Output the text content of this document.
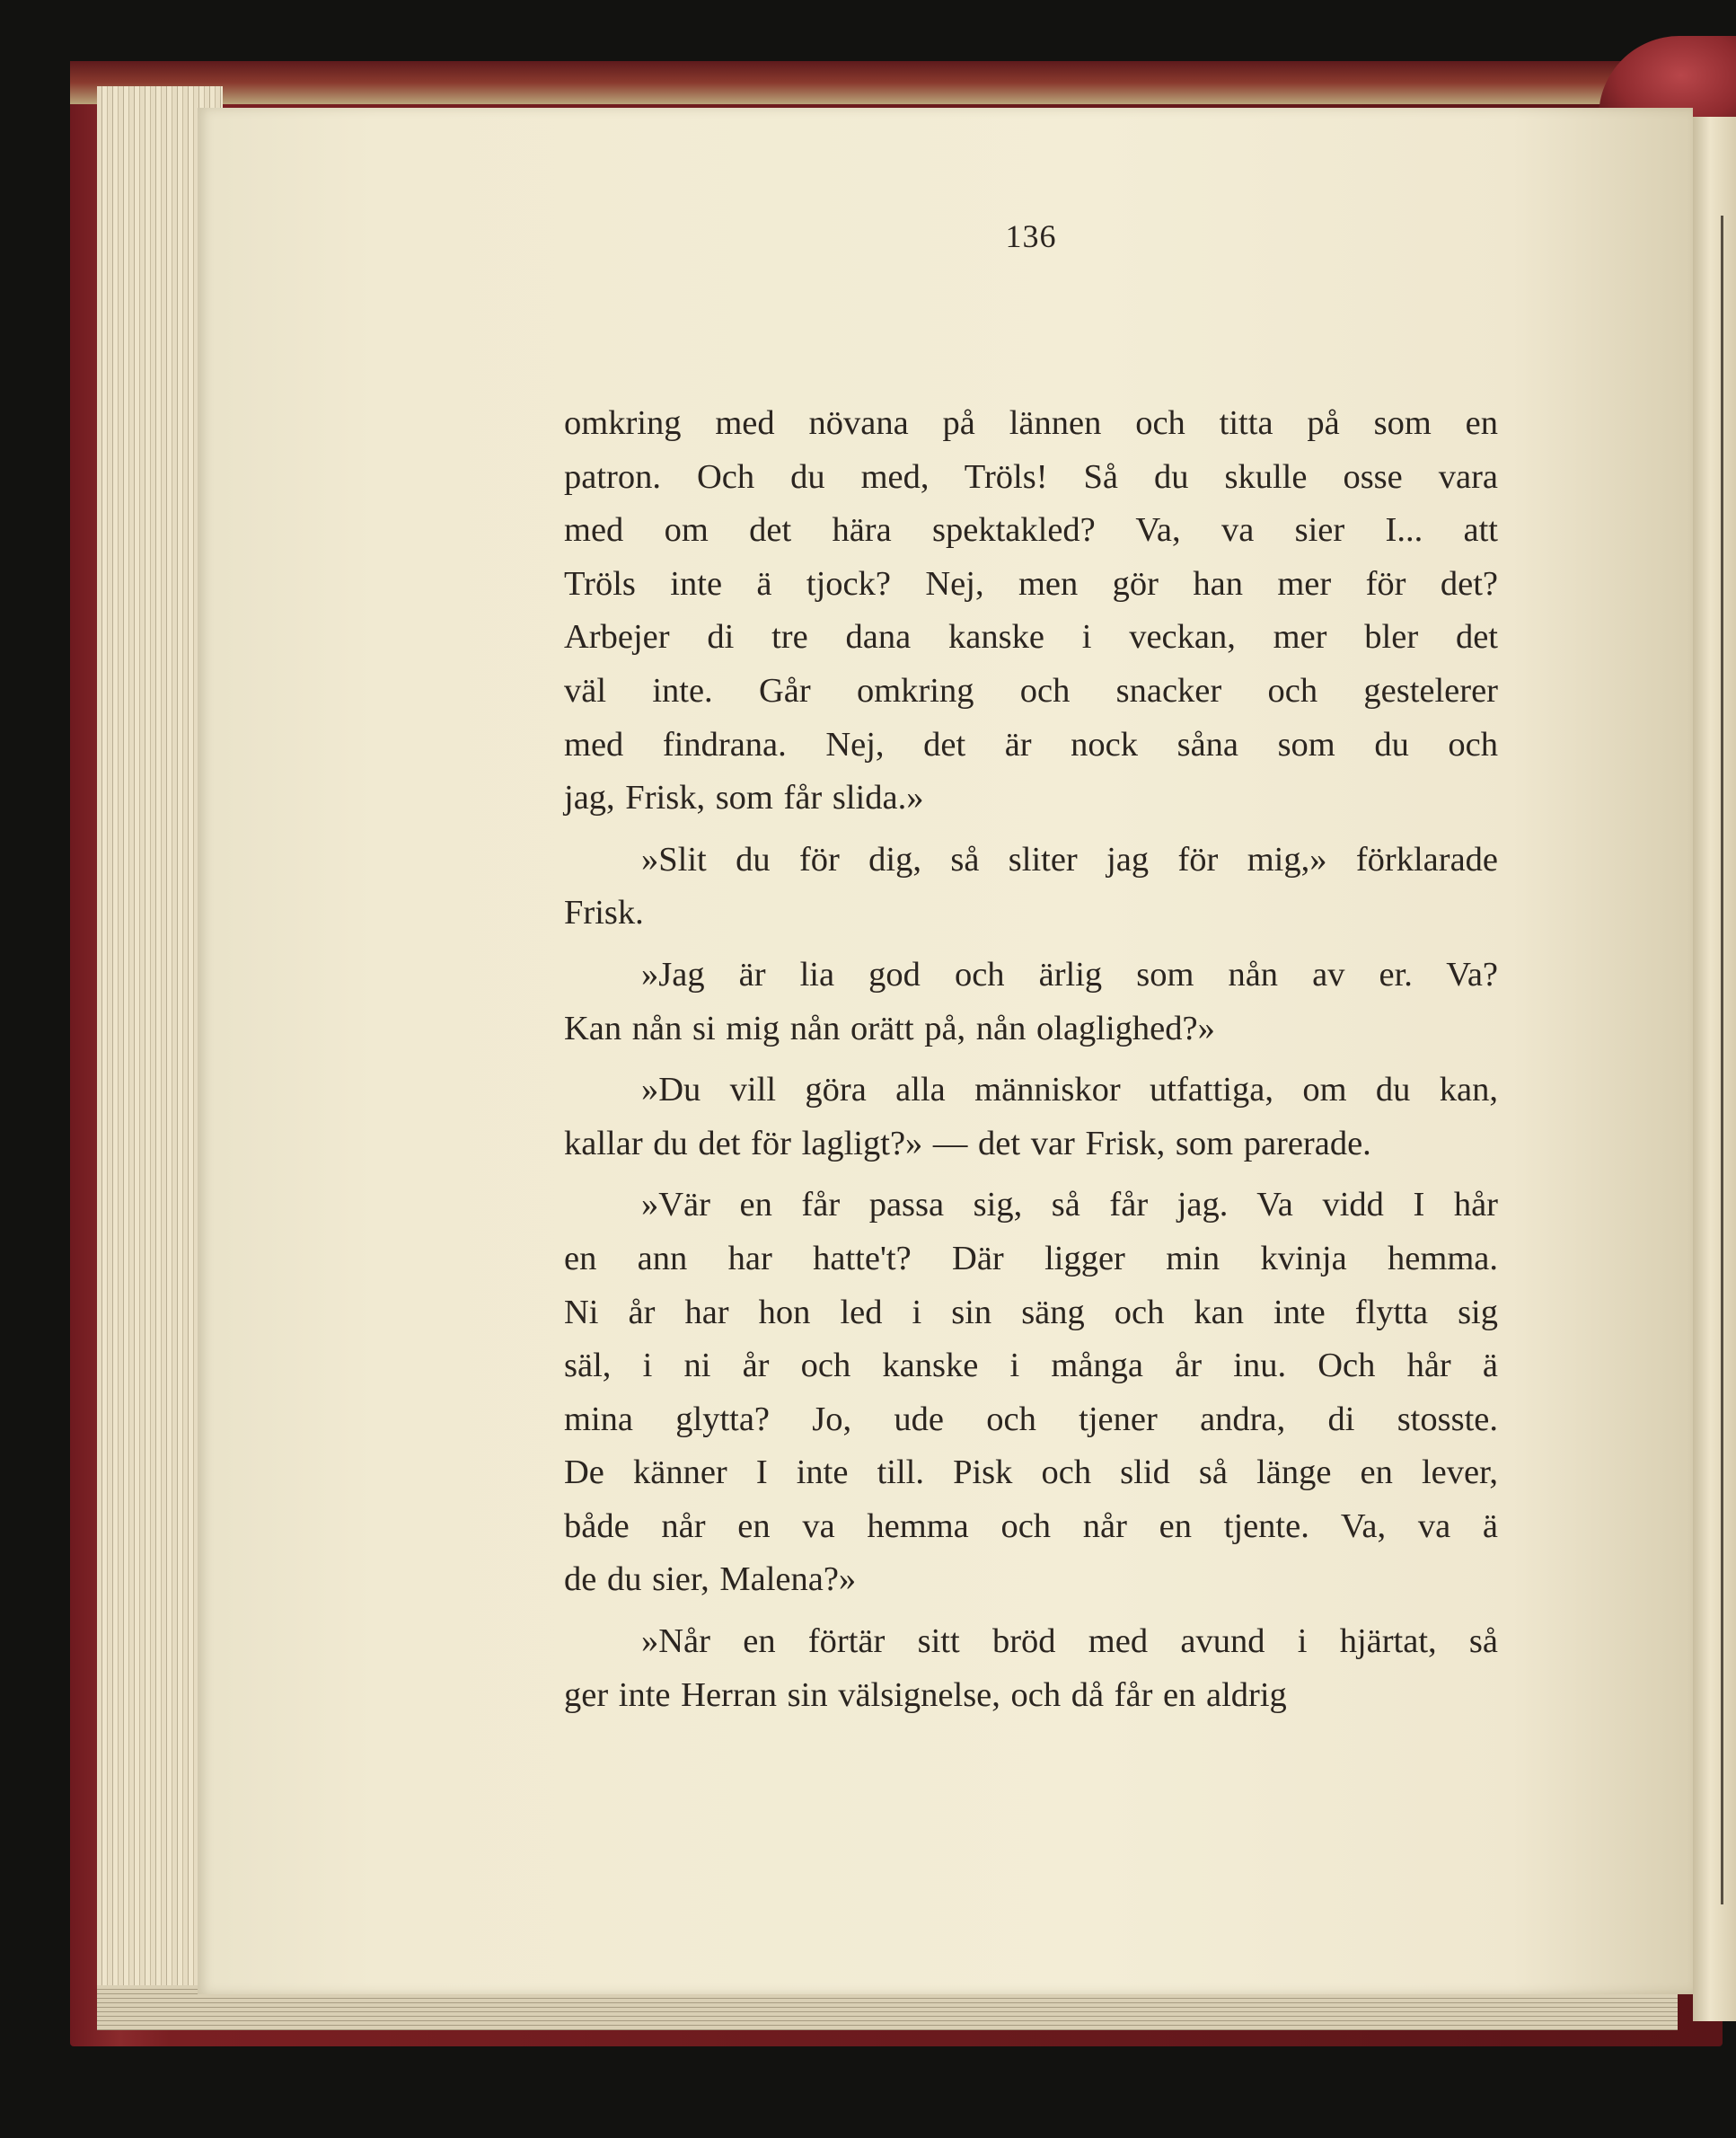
136
omkring med növana på lännen och titta på som en
patron. Och du med, Tröls! Så du skulle osse vara
med om det härа spektakled? Va, va sier I... att
Tröls inte ä tjock? Nej, men gör han mer för det?
Arbejer di tre dana kanske i veckan, mer bler det
väl inte. Går omkring och snacker och gestelerer
med findrana. Nej, det är nock såna som du och
jag, Frisk, som får slida.»
»Slit du för dig, så sliter jag för mig,» förklarade
Frisk.
»Jag är lia god och ärlig som nån av er. Va?
Kan nån si mig nån orätt på, nån olaglighed?»
»Du vill göra alla människor utfattiga, om du kan,
kallar du det för lagligt?» — det var Frisk, som parerade.
»Vär en får passa sig, så får jag. Va vidd I hår
en ann har hatte't? Där ligger min kvinja hemma.
Ni år har hon led i sin säng och kan inte flytta sig
säl, i ni år och kanske i många år inu. Och hår ä
mina glytta? Jo, ude och tjener andra, di stosste.
De känner I inte till. Pisk och slid så länge en lever,
både når en va hemma och når en tjente. Va, va ä
de du sier, Malena?»
»Når en förtär sitt bröd med avund i hjärtat, så
ger inte Herran sin välsignelse, och då får en aldrig
